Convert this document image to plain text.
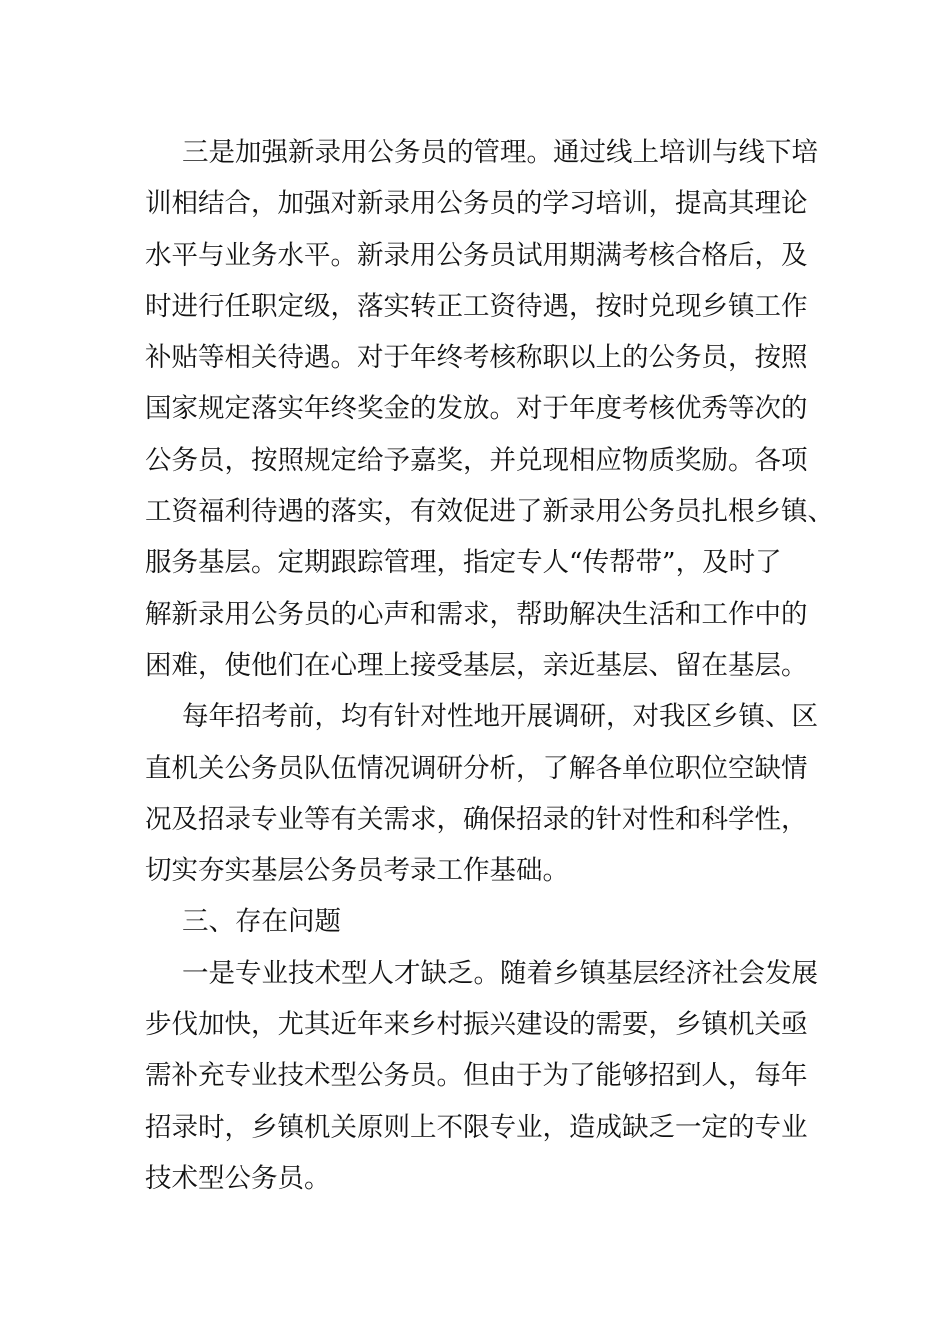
三是加强新录用公务员的管理。通过线上培训与线下培
训相结合，加强对新录用公务员的学习培训，提高其理论
水平与业务水平。新录用公务员试用期满考核合格后，及
时进行任职定级，落实转正工资待遇，按时兑现乡镇工作
补贴等相关待遇。对于年终考核称职以上的公务员，按照
国家规定落实年终奖金的发放。对于年度考核优秀等次的
公务员，按照规定给予嘉奖，并兑现相应物质奖励。各项
工资福利待遇的落实，有效促进了新录用公务员扎根乡镇、
服务基层。定期跟踪管理，指定专人“传帮带”，及时了
解新录用公务员的心声和需求，帮助解决生活和工作中的
困难，使他们在心理上接受基层，亲近基层、留在基层。
每年招考前，均有针对性地开展调研，对我区乡镇、区
直机关公务员队伍情况调研分析，了解各单位职位空缺情
况及招录专业等有关需求，确保招录的针对性和科学性，
切实夯实基层公务员考录工作基础。
三、存在问题
一是专业技术型人才缺乏。随着乡镇基层经济社会发展
步伐加快，尤其近年来乡村振兴建设的需要，乡镇机关亟
需补充专业技术型公务员。但由于为了能够招到人，每年
招录时，乡镇机关原则上不限专业，造成缺乏一定的专业
技术型公务员。
